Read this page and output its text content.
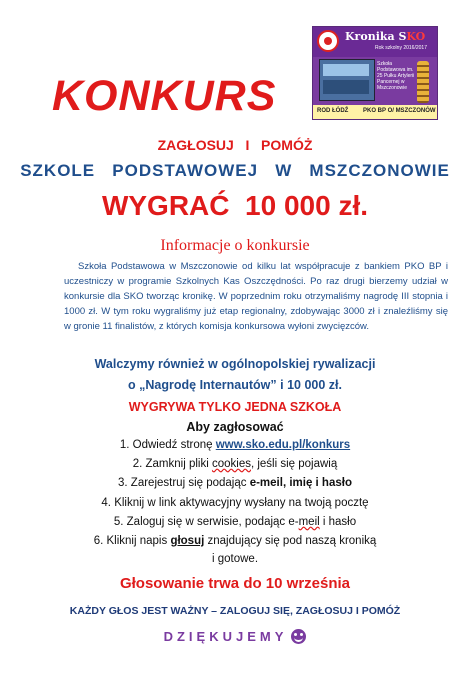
KONKURS
Kronika SKO
Rok szkolny 2016/2017
Szkoła Podstawowa im. 25 Pułku Artylerii Pancernej w Mszczonowie
ROD ŁÓDŹ PKO BP O/ MSZCZONÓW
ZAGŁOSUJ   I   POMÓŻ
SZKOLE   PODSTAWOWEJ   W   MSZCZONOWIE
WYGRAĆ  10 000 zł.
Informacje o konkursie
Szkoła Podstawowa w Mszczonowie od kilku lat współpracuje z bankiem PKO BP i uczestniczy w programie Szkolnych Kas Oszczędności. Po raz drugi bierzemy udział w konkursie dla SKO tworząc kronikę. W poprzednim roku otrzymaliśmy nagrodę III stopnia i 1000 zł. W tym roku wygraliśmy już etap regionalny, zdobywając 3000 zł i znaleźliśmy się w gronie 11 finalistów, z których komisja konkursowa wyłoni zwycięzców.
Walczymy również w ogólnopolskiej rywalizacji
o „Nagrodę Internautów” i 10 000 zł.
WYGRYWA TYLKO JEDNA SZKOŁA
Aby zagłosować
1. Odwiedź stronę www.sko.edu.pl/konkurs
2. Zamknij pliki cookies, jeśli się pojawią
3. Zarejestruj się podając e-meil, imię i hasło
4. Kliknij w link aktywacyjny wysłany na twoją pocztę
5. Zaloguj się w serwisie, podając e-meil i hasło
6. Kliknij napis głosuj znajdujący się pod naszą kroniką
i gotowe.
Głosowanie trwa do 10 września
KAŻDY GŁOS JEST WAŻNY – ZALOGUJ SIĘ, ZAGŁOSUJ I POMÓŻ
DZIĘKUJEMY
